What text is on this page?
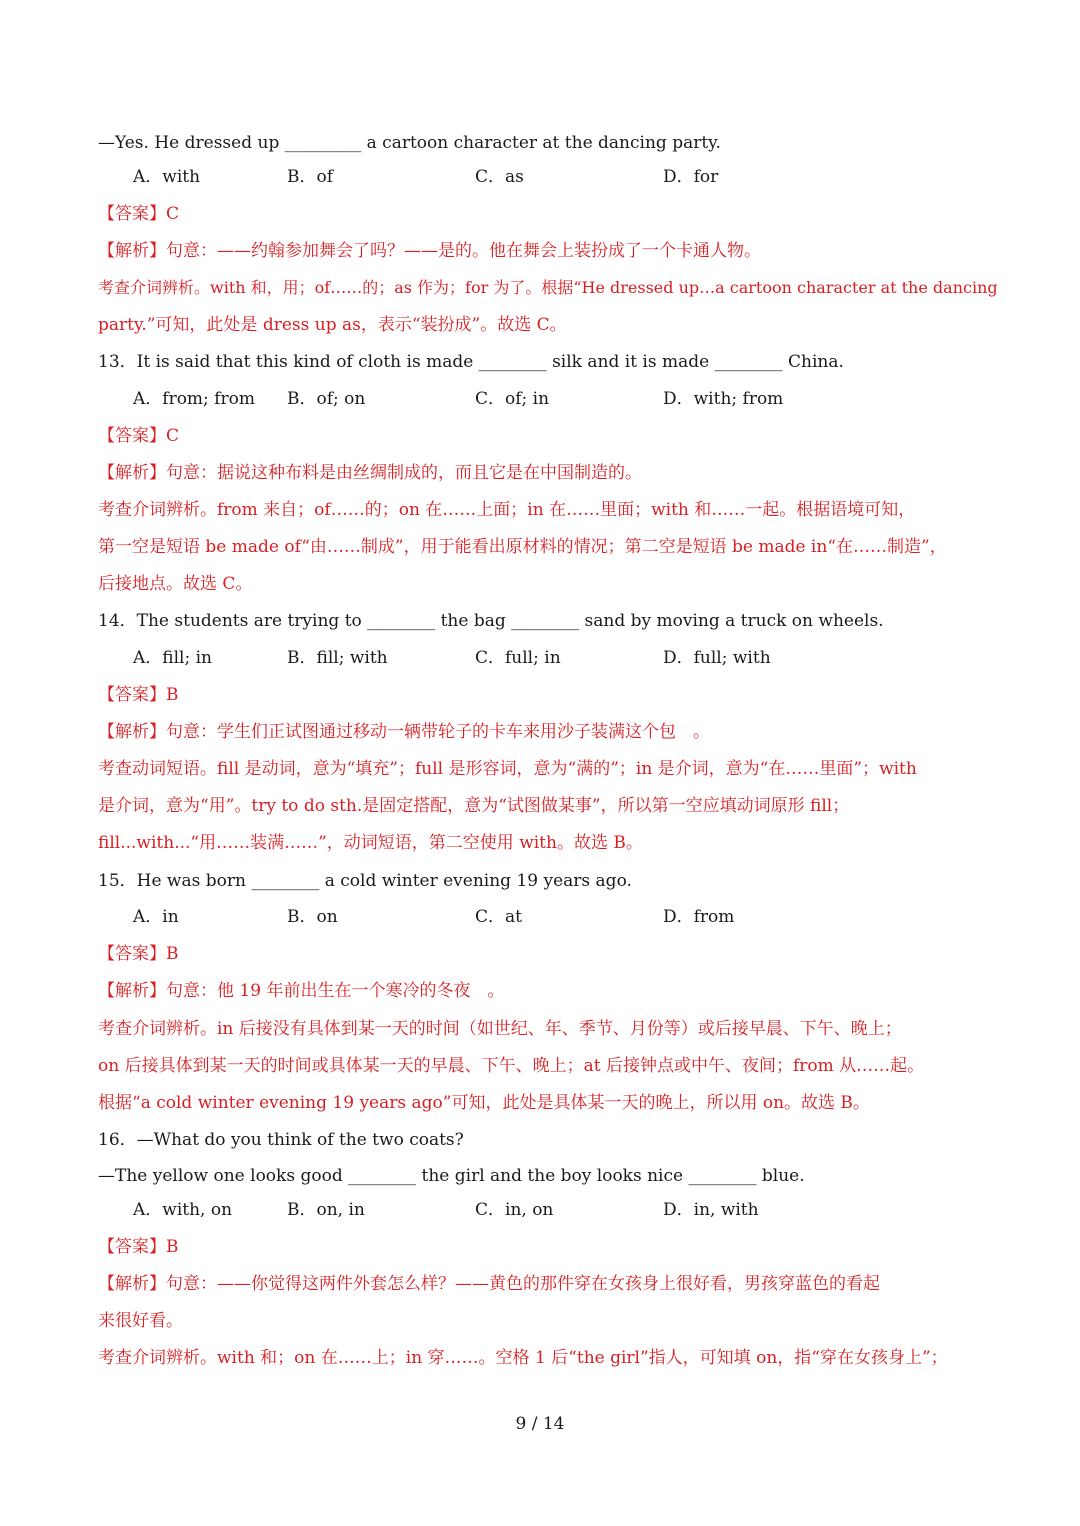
—Yes. He dressed up _________ a cartoon character at the dancing party.
A．with	B．of	C．as	D．for
【答案】C
【解析】句意：——约翰参加舞会了吗？——是的。他在舞会上装扮成了一个卡通人物。
考查介词辨析。with 和，用；of……的；as 作为；for 为了。根据“He dressed up…a cartoon character at the dancing
party.”可知，此处是 dress up as，表示“装扮成”。故选 C。
13．It is said that this kind of cloth is made ________ silk and it is made ________ China.
A．from; from B．of; on	C．of; in	D．with; from
【答案】C
【解析】句意：据说这种布料是由丝绸制成的，而且它是在中国制造的。
考查介词辨析。from 来自；of……的；on 在……上面；in 在……里面；with 和……一起。根据语境可知，
第一空是短语 be made of“由……制成”，用于能看出原材料的情况；第二空是短语 be made in“在……制造”，
后接地点。故选 C。
14．The students are trying to ________ the bag ________ sand by moving a truck on wheels.
A．fill; in	B．fill; with	C．full; in	D．full; with
【答案】B
【解析】句意：学生们正试图通过移动一辆带轮子的卡车来用沙子装满这个包　。
考查动词短语。fill 是动词，意为“填充”；full 是形容词，意为“满的”；in 是介词，意为“在……里面”；with
是介词，意为“用”。try to do sth.是固定搭配，意为“试图做某事”，所以第一空应填动词原形 fill；
fill...with...“用……装满……”，动词短语，第二空使用 with。故选 B。
15．He was born ________ a cold winter evening 19 years ago.
A．in	B．on	C．at	D．from
【答案】B
【解析】句意：他 19 年前出生在一个寒冷的冬夜　。
考查介词辨析。in 后接没有具体到某一天的时间（如世纪、年、季节、月份等）或后接早晨、下午、晚上；
on 后接具体到某一天的时间或具体某一天的早晨、下午、晚上；at 后接钟点或中午、夜间；from 从……起。
根据“a cold winter evening 19 years ago”可知，此处是具体某一天的晚上，所以用 on。故选 B。
16．—What do you think of the two coats?
—The yellow one looks good ________ the girl and the boy looks nice ________ blue.
A．with, on	B．on, in	C．in, on	D．in, with
【答案】B
【解析】句意：——你觉得这两件外套怎么样？——黄色的那件穿在女孩身上很好看，男孩穿蓝色的看起
来很好看。
考查介词辨析。with 和；on 在……上；in 穿……。空格 1 后“the girl”指人，可知填 on，指“穿在女孩身上”；
9 / 14
